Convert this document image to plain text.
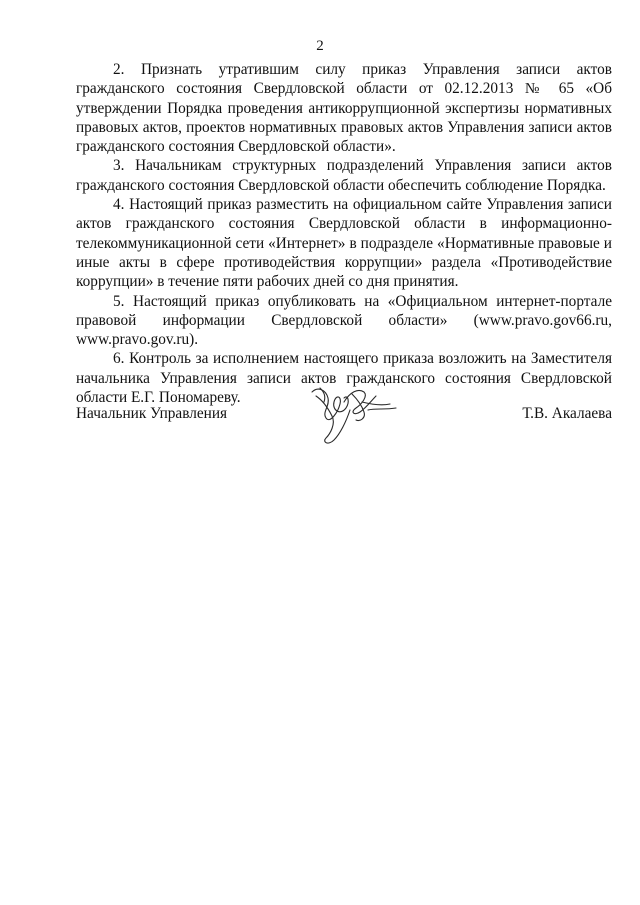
2

2. Признать утратившим силу приказ Управления записи актов гражданского состояния Свердловской области от 02.12.2013 № 65 «Об утверждении Порядка проведения антикоррупционной экспертизы нормативных правовых актов, проектов нормативных правовых актов Управления записи актов гражданского состояния Свердловской области».

3. Начальникам структурных подразделений Управления записи актов гражданского состояния Свердловской области обеспечить соблюдение Порядка.

4. Настоящий приказ разместить на официальном сайте Управления записи актов гражданского состояния Свердловской области в информационно-телекоммуникационной сети «Интернет» в подразделе «Нормативные правовые и иные акты в сфере противодействия коррупции» раздела «Противодействие коррупции» в течение пяти рабочих дней со дня принятия.

5. Настоящий приказ опубликовать на «Официальном интернет-портале правовой информации Свердловской области» (www.pravo.gov66.ru, www.pravo.gov.ru).

6. Контроль за исполнением настоящего приказа возложить на Заместителя начальника Управления записи актов гражданского состояния Свердловской области Е.Г. Пономареву.

Начальник Управления	Т.В. Акалаева
